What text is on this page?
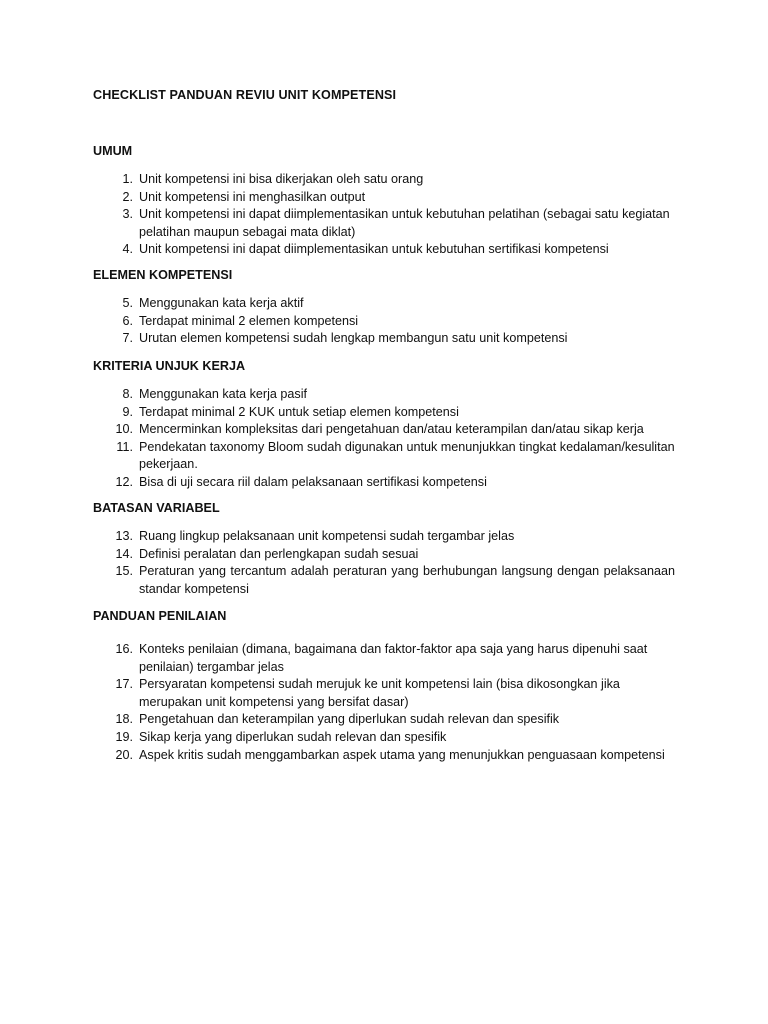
CHECKLIST PANDUAN REVIU UNIT KOMPETENSI
UMUM
1. Unit kompetensi ini bisa dikerjakan oleh satu orang
2. Unit kompetensi ini menghasilkan output
3. Unit kompetensi ini dapat diimplementasikan untuk kebutuhan pelatihan (sebagai satu kegiatan pelatihan maupun sebagai mata diklat)
4. Unit kompetensi ini dapat diimplementasikan untuk kebutuhan sertifikasi kompetensi
ELEMEN KOMPETENSI
5. Menggunakan kata kerja aktif
6. Terdapat minimal 2 elemen kompetensi
7. Urutan elemen kompetensi sudah lengkap membangun satu unit kompetensi
KRITERIA UNJUK KERJA
8. Menggunakan kata kerja pasif
9. Terdapat minimal 2 KUK untuk setiap elemen kompetensi
10. Mencerminkan kompleksitas dari pengetahuan dan/atau keterampilan dan/atau sikap kerja
11. Pendekatan taxonomy Bloom sudah digunakan untuk menunjukkan tingkat kedalaman/kesulitan pekerjaan.
12. Bisa di uji secara riil dalam pelaksanaan sertifikasi kompetensi
BATASAN VARIABEL
13. Ruang lingkup pelaksanaan unit kompetensi sudah tergambar jelas
14. Definisi peralatan dan perlengkapan sudah sesuai
15. Peraturan yang tercantum adalah peraturan yang berhubungan langsung dengan pelaksanaan standar kompetensi
PANDUAN PENILAIAN
16. Konteks penilaian (dimana, bagaimana dan faktor-faktor apa saja yang harus dipenuhi saat penilaian) tergambar jelas
17. Persyaratan kompetensi sudah merujuk ke unit kompetensi lain (bisa dikosongkan jika merupakan unit kompetensi yang bersifat dasar)
18. Pengetahuan dan keterampilan yang diperlukan sudah relevan dan spesifik
19. Sikap kerja yang diperlukan sudah relevan dan spesifik
20. Aspek kritis sudah menggambarkan aspek utama yang menunjukkan penguasaan kompetensi
